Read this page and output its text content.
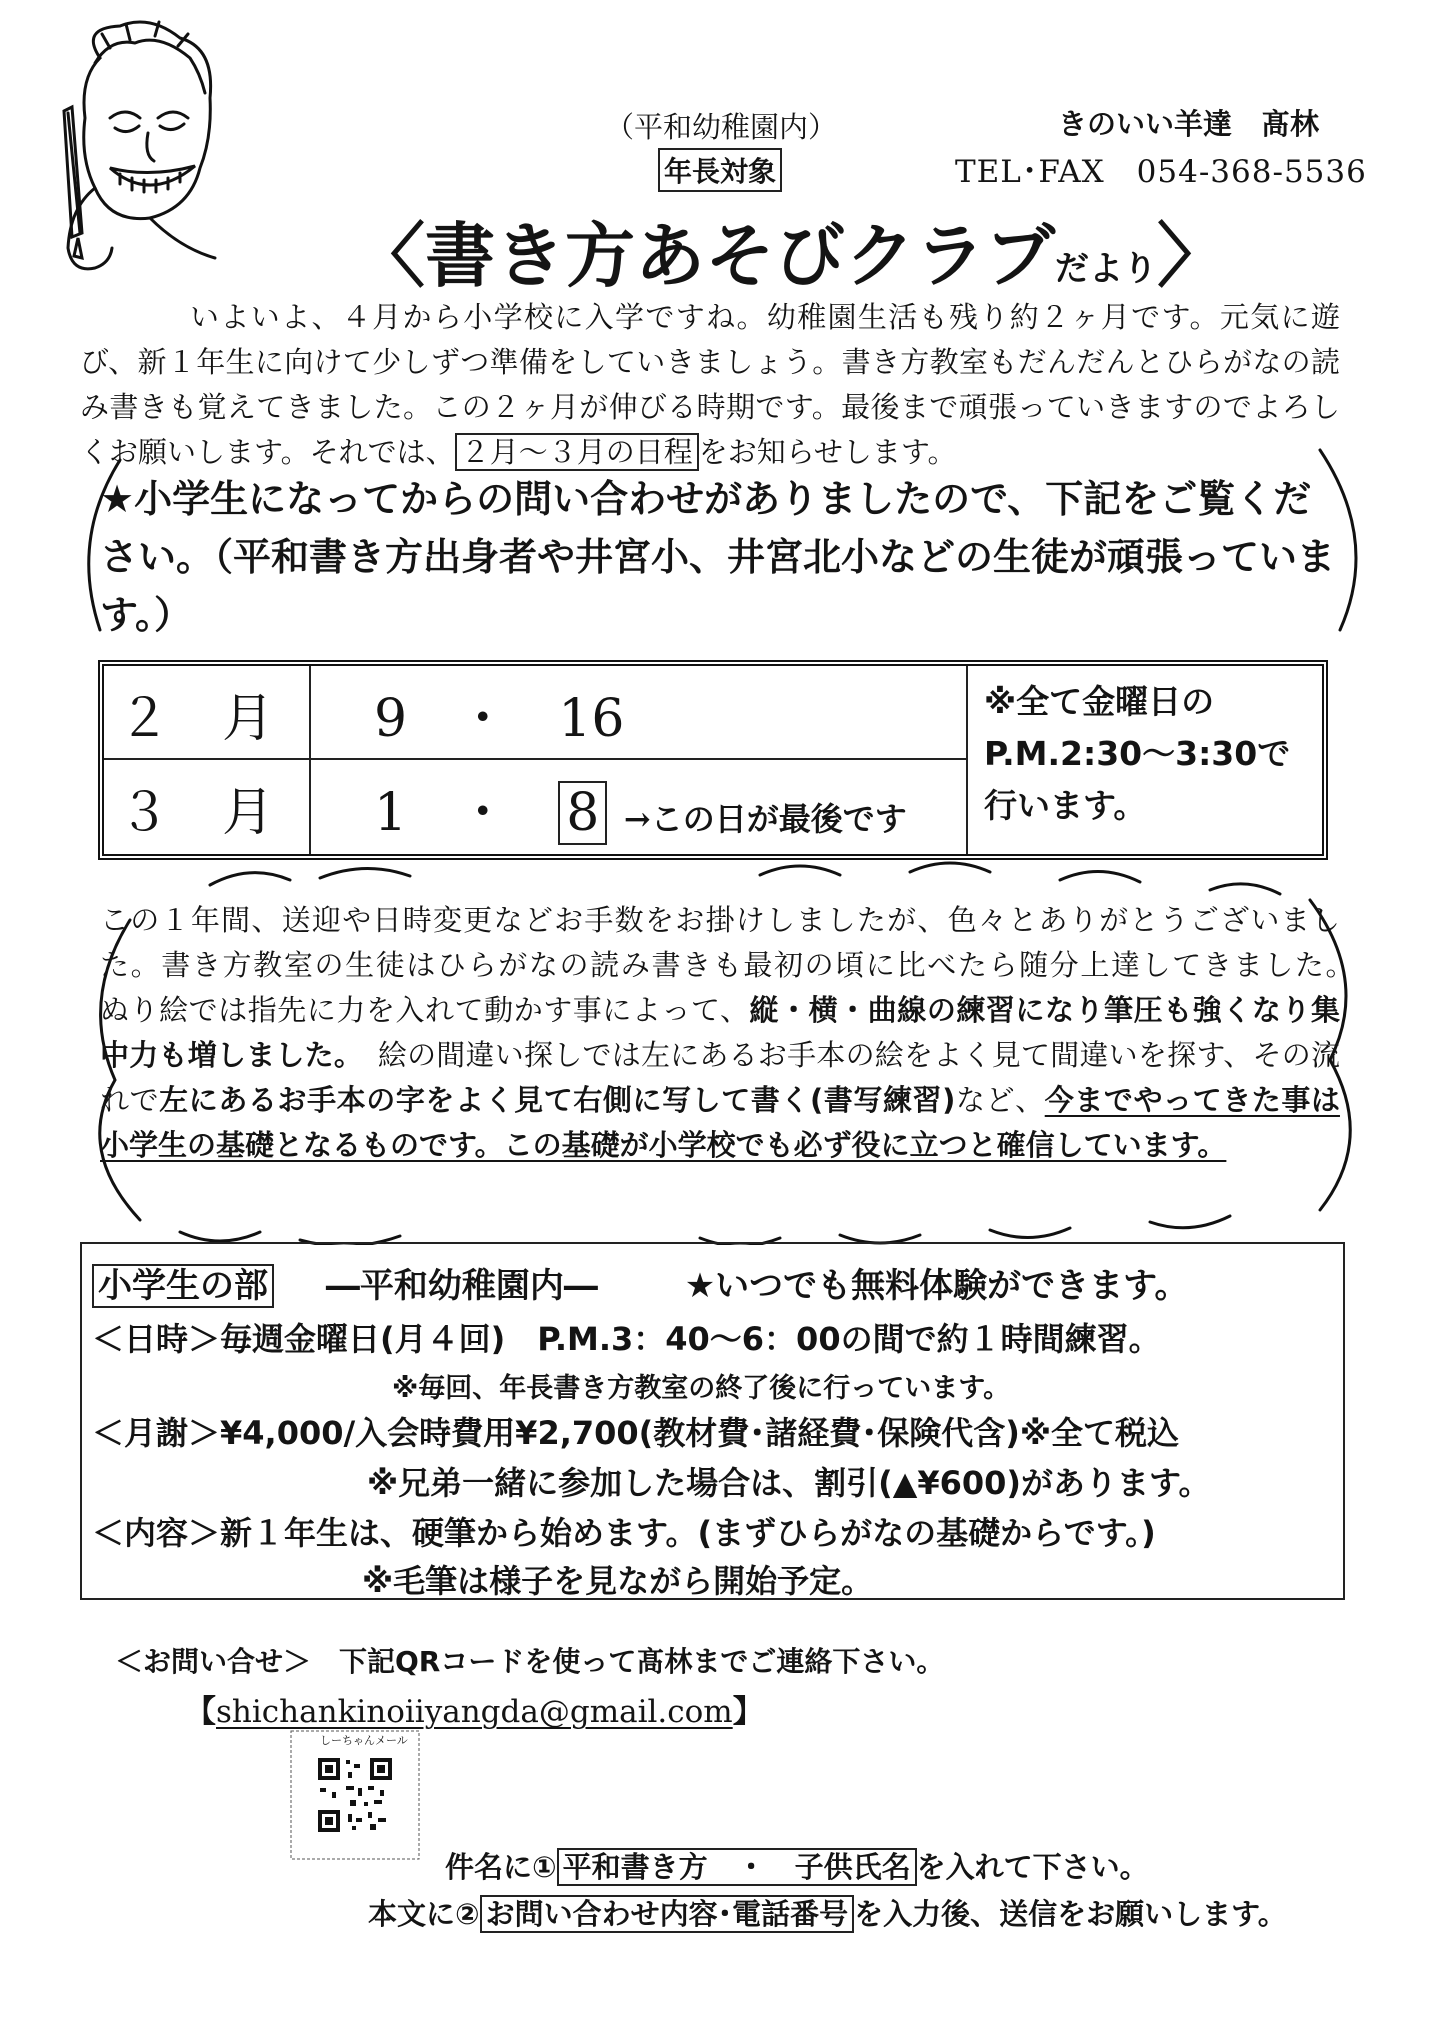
（平和幼稚園内）
年長対象
きのいい羊達　髙林
TEL･FAX　054-368-5536
〈書き方あそびクラブだより〉
いよいよ、４月から小学校に入学ですね。幼稚園生活も残り約２ヶ月です。元気に遊び、新１年生に向けて少しずつ準備をしていきましょう。書き方教室もだんだんとひらがなの読み書きも覚えてきました。この２ヶ月が伸びる時期です。最後まで頑張っていきますのでよろしくお願いします。それでは、 ２月～３月の日程 をお知らせします。
★小学生になってからの問い合わせがありましたので、下記をご覧ください。（平和書き方出身者や井宮小、井宮北小などの生徒が頑張っています。）
２　月 9 ・ 16
３　月 1 ・ 8 →この日が最後です
※全て金曜日のP.M.2:30～3:30で行います。
この１年間、送迎や日時変更などお手数をお掛けしましたが、色々とありがとうございました。書き方教室の生徒はひらがなの読み書きも最初の頃に比べたら随分上達してきました。　　ぬり絵では指先に力を入れて動かす事によって、縦・横・曲線の練習になり筆圧も強くなり集中力も増しました。　絵の間違い探しでは左にあるお手本の絵をよく見て間違いを探す、その流れで左にあるお手本の字をよく見て右側に写して書く(書写練習)など、今までやってきた事は小学生の基礎となるものです。この基礎が小学校でも必ず役に立つと確信しています。
小学生の部 ―平和幼稚園内―	★いつでも無料体験ができます。
＜日時＞毎週金曜日(月４回)　P.M.3：40～6：00の間で約１時間練習。
※毎回、年長書き方教室の終了後に行っています。
＜月謝＞¥4,000/入会時費用¥2,700(教材費･諸経費･保険代含)※全て税込
※兄弟一緒に参加した場合は、割引(▲¥600)があります。
＜内容＞新１年生は、硬筆から始めます。(まずひらがなの基礎からです。)
※毛筆は様子を見ながら開始予定。
＜お問い合せ＞　下記QRコードを使って髙林までご連絡下さい。
【shichankinoiiyangda@gmail.com】
しーちゃんメール
件名に① 平和書き方　・　子供氏名 を入れて下さい。
本文に② お問い合わせ内容･電話番号 を入力後、送信をお願いします。
